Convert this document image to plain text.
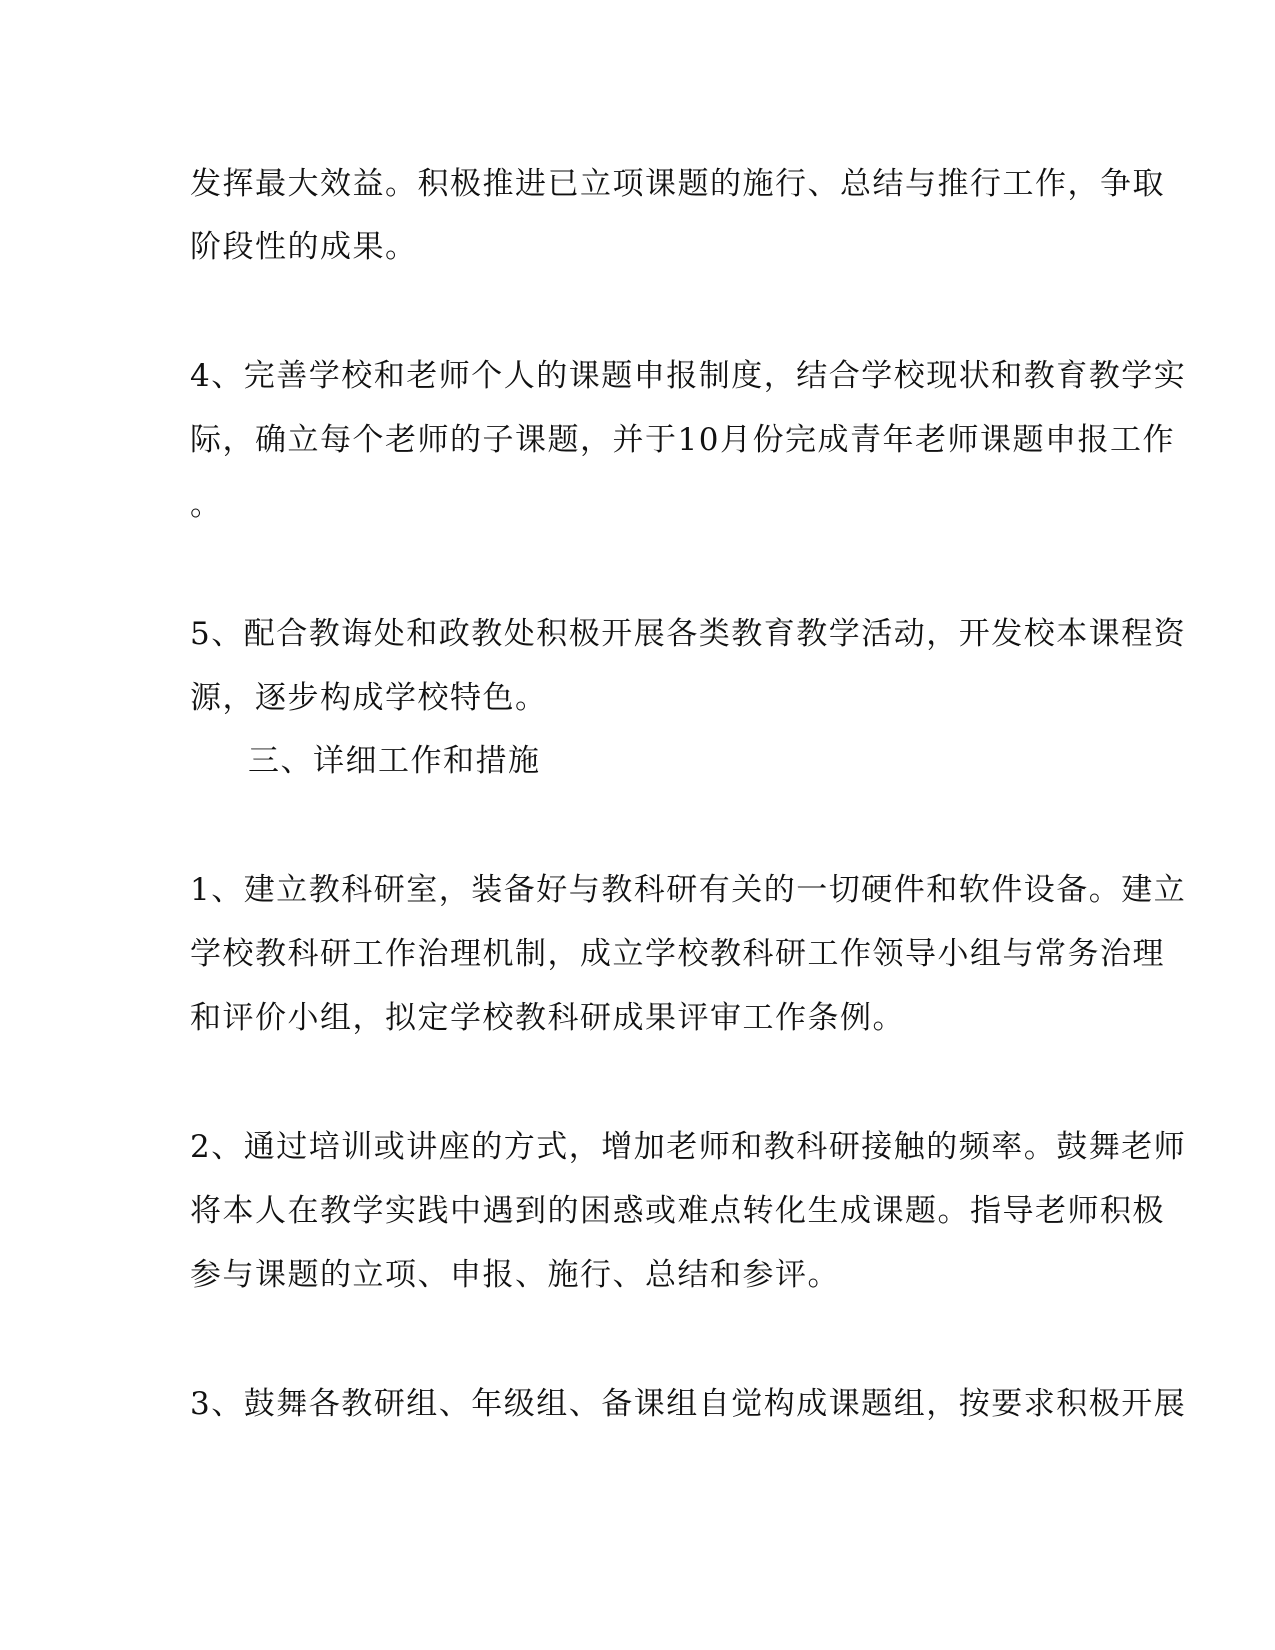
发挥最大效益。积极推进已立项课题的施行、总结与推行工作，争取
阶段性的成果。
4、完善学校和老师个人的课题申报制度，结合学校现状和教育教学实
际，确立每个老师的子课题，并于10月份完成青年老师课题申报工作
。
5、配合教诲处和政教处积极开展各类教育教学活动，开发校本课程资
源，逐步构成学校特色。
三、详细工作和措施
1、建立教科研室，装备好与教科研有关的一切硬件和软件设备。建立
学校教科研工作治理机制，成立学校教科研工作领导小组与常务治理
和评价小组，拟定学校教科研成果评审工作条例。
2、通过培训或讲座的方式，增加老师和教科研接触的频率。鼓舞老师
将本人在教学实践中遇到的困惑或难点转化生成课题。指导老师积极
参与课题的立项、申报、施行、总结和参评。
3、鼓舞各教研组、年级组、备课组自觉构成课题组，按要求积极开展
